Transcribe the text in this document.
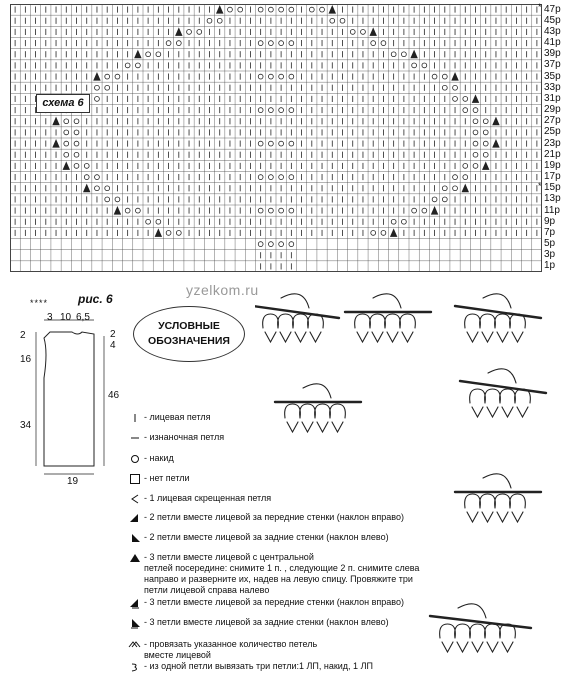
схема 6
47р
*
45р
43р
41р
39р
37р
35р
33р
31р
29р
27р
25р
23р
21р
19р
17р
15р
*
13р
11р
9р
7р
5р
3р
1р
**** рис. 6
yzelkom.ru
3 10 6,5
2	2
4
16
34
46
19
УСЛОВНЫЕ
ОБОЗНАЧЕНИЯ
- лицевая петля
- изнаночная петля
- накид
- нет петли
- 1 лицевая скрещенная петля
- 2 петли вместе лицевой за передние стенки (наклон вправо)
- 2 петли вместе лицевой за задние стенки (наклон влево)
- 3 петли вместе лицевой с центральной
петлей посередине: снимите 1 п. , следующие 2 п. снимите слева
направо и разверните их, надев на левую спицу. Провяжите три
петли лицевой справа налево
- 3 петли вместе лицевой за передние стенки (наклон вправо)
- 3 петли вместе лицевой за задние стенки (наклон влево)
- провязать указанное количество петель
вместе лицевой
- из одной петли вывязать три петли:1 ЛП, накид, 1 ЛП
